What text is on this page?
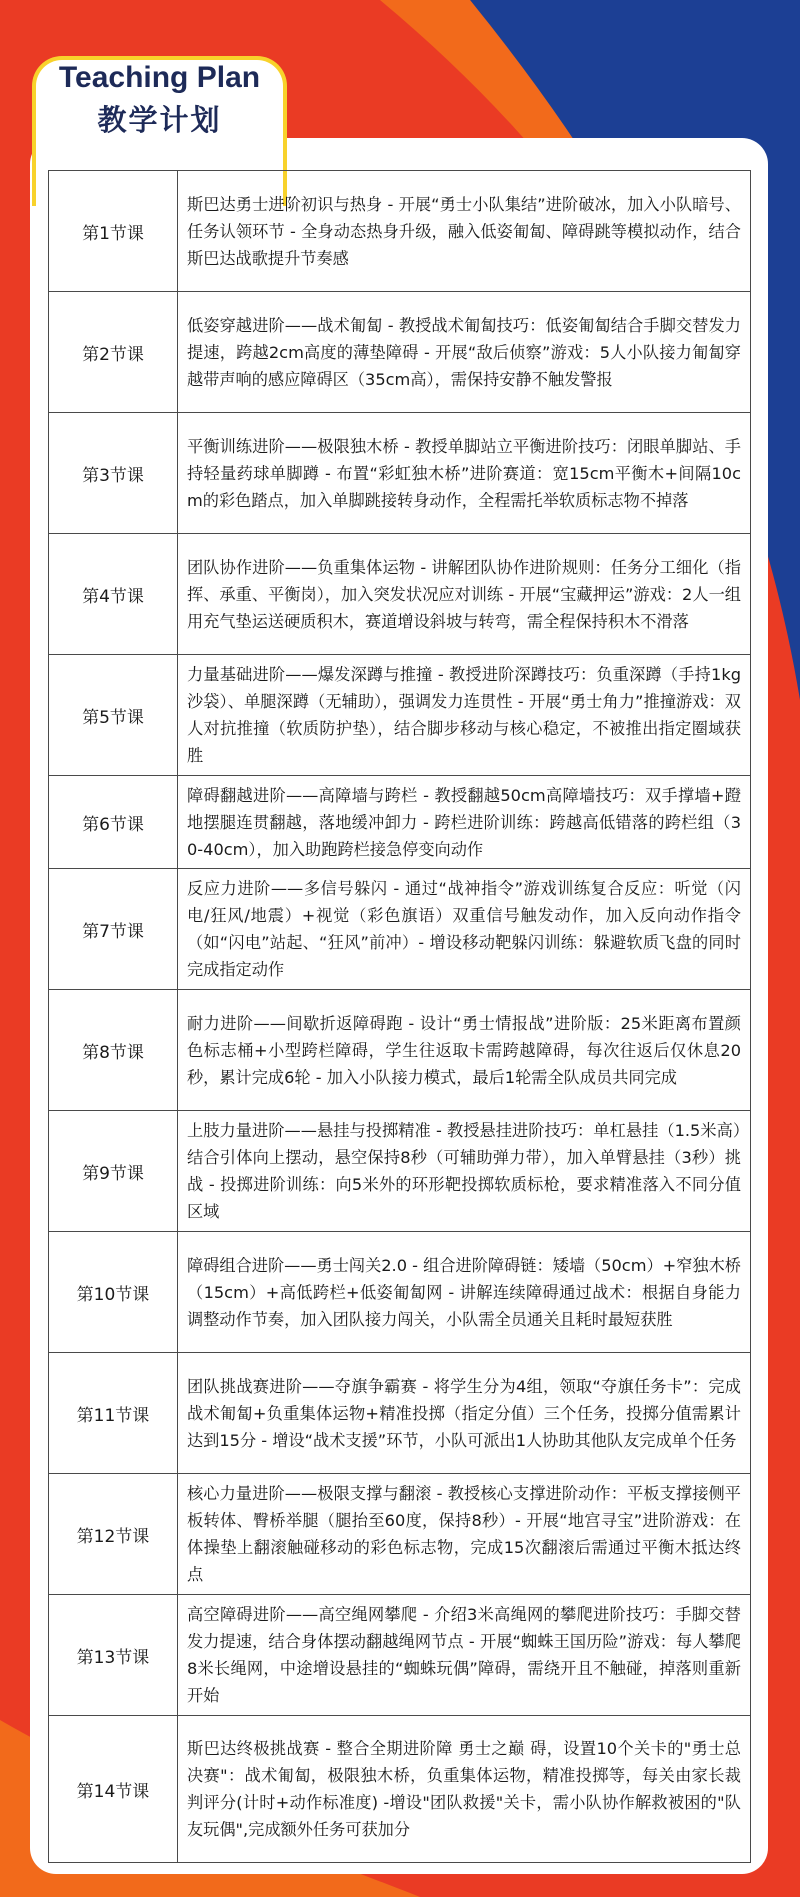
Teaching Plan
教学计划
第1节课	斯巴达勇士进阶初识与热身 - 开展“勇士小队集结”进阶破冰，加入小队暗号、任务认领环节 - 全身动态热身升级，融入低姿匍匐、障碍跳等模拟动作，结合斯巴达战歌提升节奏感
第2节课	低姿穿越进阶——战术匍匐 - 教授战术匍匐技巧：低姿匍匐结合手脚交替发力提速，跨越2cm高度的薄垫障碍 - 开展“敌后侦察”游戏：5人小队接力匍匐穿越带声响的感应障碍区（35cm高），需保持安静不触发警报
第3节课	平衡训练进阶——极限独木桥 - 教授单脚站立平衡进阶技巧：闭眼单脚站、手持轻量药球单脚蹲 - 布置“彩虹独木桥”进阶赛道：宽15cm平衡木+间隔10cm的彩色踏点，加入单脚跳接转身动作，全程需托举软质标志物不掉落
第4节课	团队协作进阶——负重集体运物 - 讲解团队协作进阶规则：任务分工细化（指挥、承重、平衡岗），加入突发状况应对训练 - 开展“宝藏押运”游戏：2人一组用充气垫运送硬质积木，赛道增设斜坡与转弯，需全程保持积木不滑落
第5节课	力量基础进阶——爆发深蹲与推撞 - 教授进阶深蹲技巧：负重深蹲（手持1kg沙袋）、单腿深蹲（无辅助），强调发力连贯性 - 开展“勇士角力”推撞游戏：双人对抗推撞（软质防护垫），结合脚步移动与核心稳定，不被推出指定圈域获胜
第6节课	障碍翻越进阶——高障墙与跨栏 - 教授翻越50cm高障墙技巧：双手撑墙+蹬地摆腿连贯翻越，落地缓冲卸力 - 跨栏进阶训练：跨越高低错落的跨栏组（30-40cm），加入助跑跨栏接急停变向动作
第7节课	反应力进阶——多信号躲闪 - 通过“战神指令”游戏训练复合反应：听觉（闪电/狂风/地震）+视觉（彩色旗语）双重信号触发动作，加入反向动作指令（如“闪电”站起、“狂风”前冲）- 增设移动靶躲闪训练：躲避软质飞盘的同时完成指定动作
第8节课	耐力进阶——间歇折返障碍跑 - 设计“勇士情报战”进阶版：25米距离布置颜色标志桶+小型跨栏障碍，学生往返取卡需跨越障碍，每次往返后仅休息20秒，累计完成6轮 - 加入小队接力模式，最后1轮需全队成员共同完成
第9节课	上肢力量进阶——悬挂与投掷精准 - 教授悬挂进阶技巧：单杠悬挂（1.5米高）结合引体向上摆动，悬空保持8秒（可辅助弹力带），加入单臂悬挂（3秒）挑战 - 投掷进阶训练：向5米外的环形靶投掷软质标枪，要求精准落入不同分值区域
第10节课	障碍组合进阶——勇士闯关2.0 - 组合进阶障碍链：矮墙（50cm）+窄独木桥（15cm）+高低跨栏+低姿匍匐网 - 讲解连续障碍通过战术：根据自身能力调整动作节奏，加入团队接力闯关，小队需全员通关且耗时最短获胜
第11节课	团队挑战赛进阶——夺旗争霸赛 - 将学生分为4组，领取“夺旗任务卡”：完成战术匍匐+负重集体运物+精准投掷（指定分值）三个任务，投掷分值需累计达到15分 - 增设“战术支援”环节，小队可派出1人协助其他队友完成单个任务
第12节课	核心力量进阶——极限支撑与翻滚 - 教授核心支撑进阶动作：平板支撑接侧平板转体、臀桥举腿（腿抬至60度，保持8秒）- 开展“地宫寻宝”进阶游戏：在体操垫上翻滚触碰移动的彩色标志物，完成15次翻滚后需通过平衡木抵达终点
第13节课	高空障碍进阶——高空绳网攀爬 - 介绍3米高绳网的攀爬进阶技巧：手脚交替发力提速，结合身体摆动翻越绳网节点 - 开展“蜘蛛王国历险”游戏：每人攀爬8米长绳网，中途增设悬挂的“蜘蛛玩偶”障碍，需绕开且不触碰，掉落则重新开始
第14节课	斯巴达终极挑战赛 - 整合全期进阶障 勇士之巅 碍，设置10个关卡的"勇士总决赛"：战术匍匐，极限独木桥，负重集体运物，精准投掷等，每关由家长裁判评分(计时+动作标准度) -增设"团队救援"关卡，需小队协作解救被困的"队友玩偶",完成额外任务可获加分
